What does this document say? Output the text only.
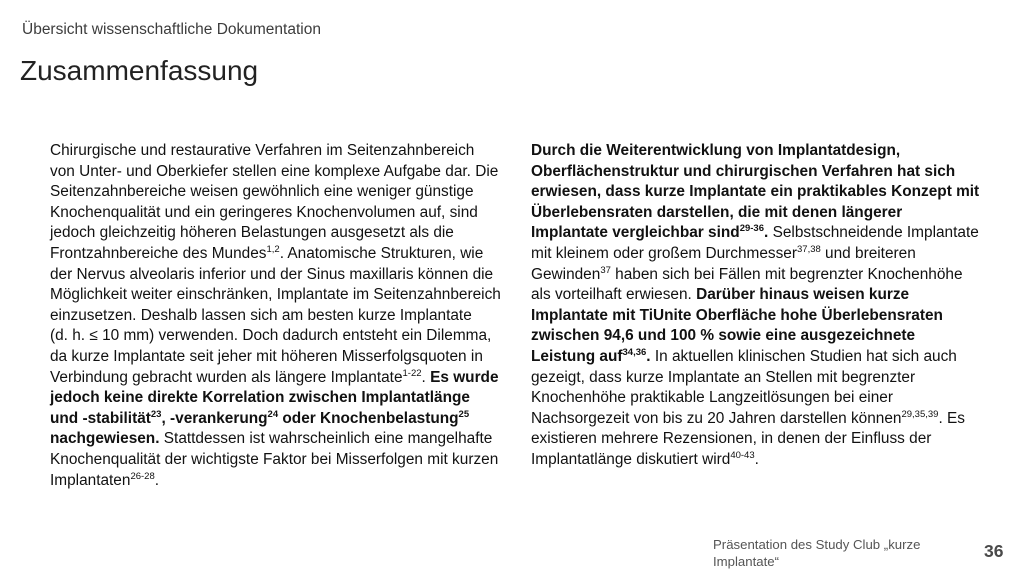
Übersicht wissenschaftliche Dokumentation
Zusammenfassung

Chirurgische und restaurative Verfahren im Seitenzahnbereich von Unter- und Oberkiefer stellen eine komplexe Aufgabe dar. Die Seitenzahnbereiche weisen gewöhnlich eine weniger günstige Knochenqualität und ein geringeres Knochenvolumen auf, sind jedoch gleichzeitig höheren Belastungen ausgesetzt als die Frontzahnbereiche des Mundes$^{1,2}$. Anatomische Strukturen, wie der Nervus alveolaris inferior und der Sinus maxillaris können die Möglichkeit weiter einschränken, Implantate im Seitenzahnbereich einzusetzen. Deshalb lassen sich am besten kurze Implantate
(d. h. ≤ 10 mm) verwenden. Doch dadurch entsteht ein Dilemma, da kurze Implantate seit jeher mit höheren Misserfolgsquoten in Verbindung gebracht wurden als längere Implantate$^{1-22}$. Es wurde jedoch keine direkte Korrelation zwischen Implantatlänge und -stabilität$^{23}$, -verankerung$^{24}$ oder Knochenbelastung$^{25}$ nachgewiesen. Stattdessen ist wahrscheinlich eine mangelhafte Knochenqualität der wichtigste Faktor bei Misserfolgen mit kurzen Implantaten$^{26-28}$.

Durch die Weiterentwicklung von Implantatdesign, Oberflächenstruktur und chirurgischen Verfahren hat sich erwiesen, dass kurze Implantate ein praktikables Konzept mit Überlebensraten darstellen, die mit denen längerer Implantate vergleichbar sind$^{29-36}$. Selbstschneidende Implantate mit kleinem oder großem Durchmesser$^{37,38}$ und breiteren Gewinden$^{37}$ haben sich bei Fällen mit begrenzter Knochenhöhe als vorteilhaft erwiesen. Darüber hinaus weisen kurze Implantate mit TiUnite Oberfläche hohe Überlebensraten zwischen 94,6 und 100 % sowie eine ausgezeichnete Leistung auf$^{34,36}$. In aktuellen klinischen Studien hat sich auch gezeigt, dass kurze Implantate an Stellen mit begrenzter Knochenhöhe praktikable Langzeitlösungen bei einer Nachsorgezeit von bis zu 20 Jahren darstellen können$^{29,35,39}$. Es existieren mehrere Rezensionen, in denen der Einfluss der Implantatlänge diskutiert wird$^{40-43}$.

Präsentation des Study Club „kurze Implantate“
36
